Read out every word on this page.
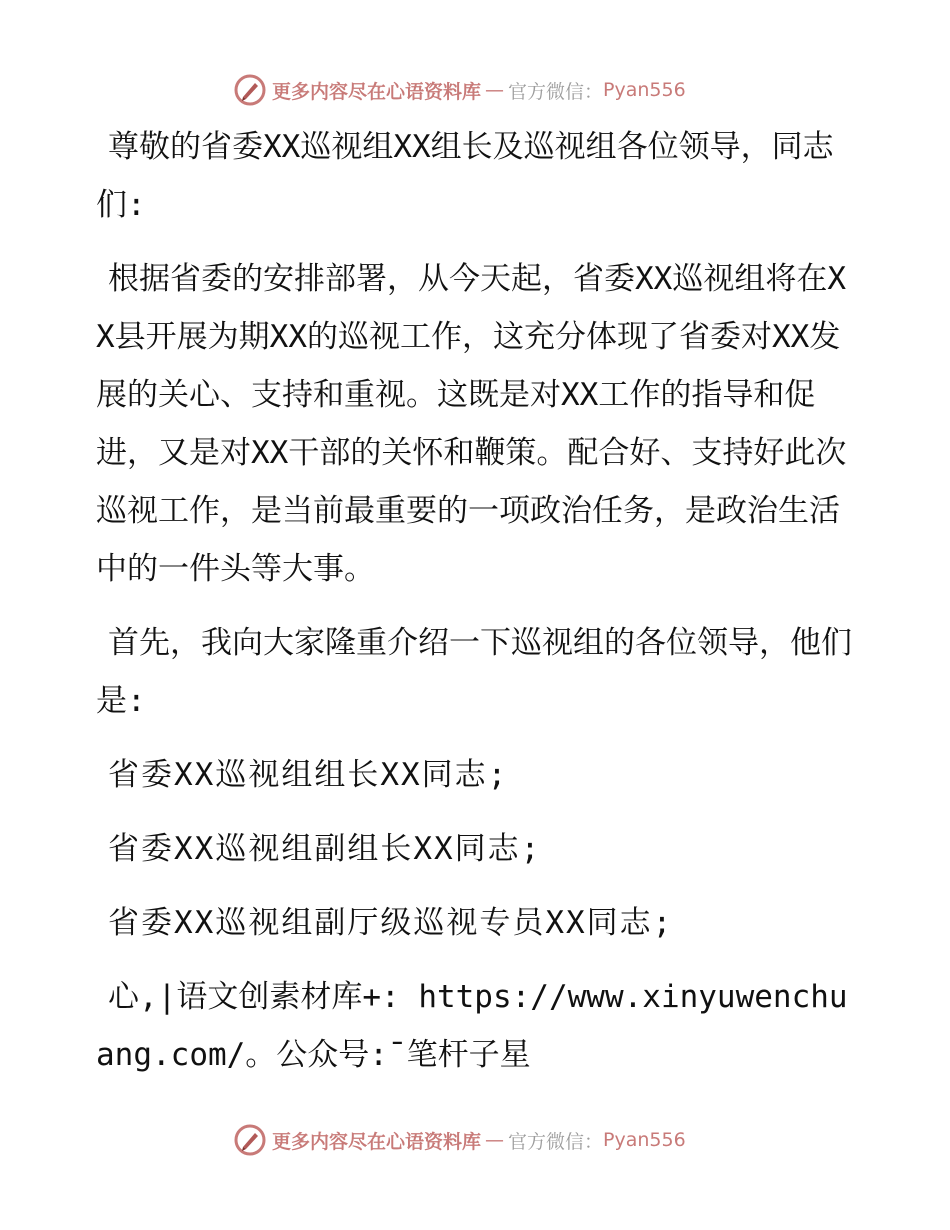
更多内容尽在心语资料库 — 官方微信： Pyan556

尊敬的省委XX巡视组XX组长及巡视组各位领导，同志们:

根据省委的安排部署，从今天起，省委XX巡视组将在XX县开展为期XX的巡视工作，这充分体现了省委对XX发展的关心、支持和重视。这既是对XX工作的指导和促进，又是对XX干部的关怀和鞭策。配合好、支持好此次巡视工作，是当前最重要的一项政治任务，是政治生活中的一件头等大事。

首先，我向大家隆重介绍一下巡视组的各位领导，他们是:

省委XX巡视组组长XX同志;

省委XX巡视组副组长XX同志;

省委XX巡视组副厅级巡视专员XX同志;

心,|语文创素材库+: https://www.xinyuwenchuang.com/。公众号:¯笔杆子星

更多内容尽在心语资料库 — 官方微信： Pyan556
